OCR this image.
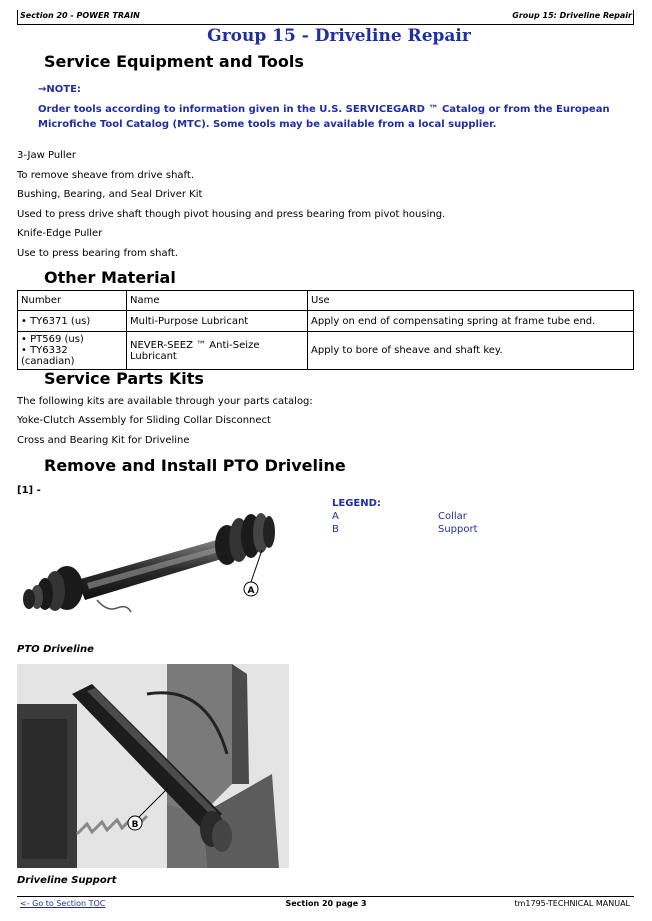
Section 20 - POWER TRAIN	Group 15: Driveline Repair
Group 15 - Driveline Repair
Service Equipment and Tools
→NOTE:
Order tools according to information given in the U.S. SERVICEGARD ™ Catalog or from the European Microfiche Tool Catalog (MTC). Some tools may be available from a local supplier.
3-Jaw Puller
To remove sheave from drive shaft.
Bushing, Bearing, and Seal Driver Kit
Used to press drive shaft though pivot housing and press bearing from pivot housing.
Knife-Edge Puller
Use to press bearing from shaft.
Other Material
Number	Name	Use
• TY6371 (us)	Multi-Purpose Lubricant	Apply on end of compensating spring at frame tube end.

• PT569 (us)
• TY6332 (canadian)	NEVER-SEEZ ™ Anti-Seize Lubricant	Apply to bore of sheave and shaft key.
Service Parts Kits
The following kits are available through your parts catalog:
Yoke-Clutch Assembly for Sliding Collar Disconnect
Cross and Bearing Kit for Driveline
Remove and Install PTO Driveline
[1] -
A
LEGEND:
A	Collar
B	Support
PTO Driveline
B
Driveline Support
<- Go to Section TOC	Section 20 page 3	tm1795-TECHNICAL MANUAL
